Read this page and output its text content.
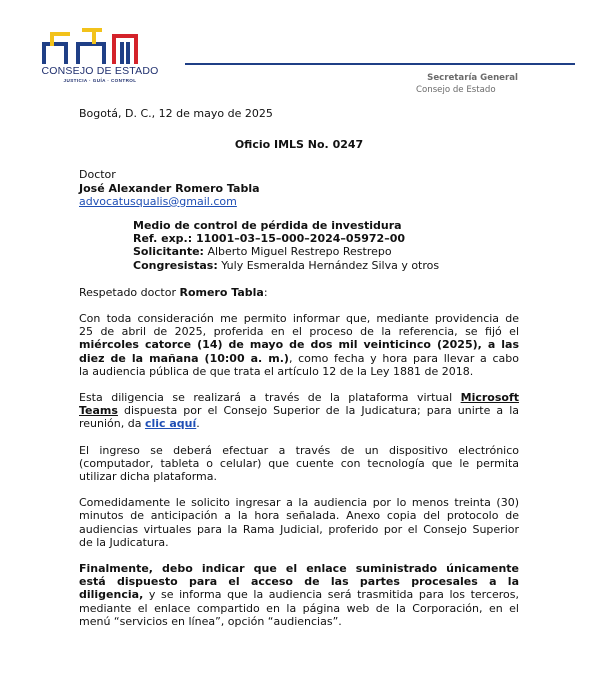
CONSEJO DE ESTADO
JUSTICIA · GUÍA · CONTROL	Secretaría General
Consejo de Estado
Bogotá, D. C., 12 de mayo de 2025
Oficio IMLS No. 0247
Doctor
José Alexander Romero Tabla
advocatusqualis@gmail.com
Medio de control de pérdida de investidura
Ref. exp.: 11001–03–15–000–2024–05972–00
Solicitante: Alberto Miguel Restrepo Restrepo
Congresistas: Yuly Esmeralda Hernández Silva y otros
Respetado doctor Romero Tabla:
Con toda consideración me permito informar que, mediante providencia de
25 de abril de 2025, proferida en el proceso de la referencia, se fijó el
miércoles catorce (14) de mayo de dos mil veinticinco (2025), a las
diez de la mañana (10:00 a. m.), como fecha y hora para llevar a cabo
la audiencia pública de que trata el artículo 12 de la Ley 1881 de 2018.
Esta diligencia se realizará a través de la plataforma virtual Microsoft
Teams dispuesta por el Consejo Superior de la Judicatura; para unirte a la
reunión, da clic aquí.
El ingreso se deberá efectuar a través de un dispositivo electrónico
(computador, tableta o celular) que cuente con tecnología que le permita
utilizar dicha plataforma.
Comedidamente le solicito ingresar a la audiencia por lo menos treinta (30)
minutos de anticipación a la hora señalada. Anexo copia del protocolo de
audiencias virtuales para la Rama Judicial, proferido por el Consejo Superior
de la Judicatura.
Finalmente, debo indicar que el enlace suministrado únicamente
está dispuesto para el acceso de las partes procesales a la
diligencia, y se informa que la audiencia será trasmitida para los terceros,
mediante el enlace compartido en la página web de la Corporación, en el
menú “servicios en línea”, opción “audiencias”.
